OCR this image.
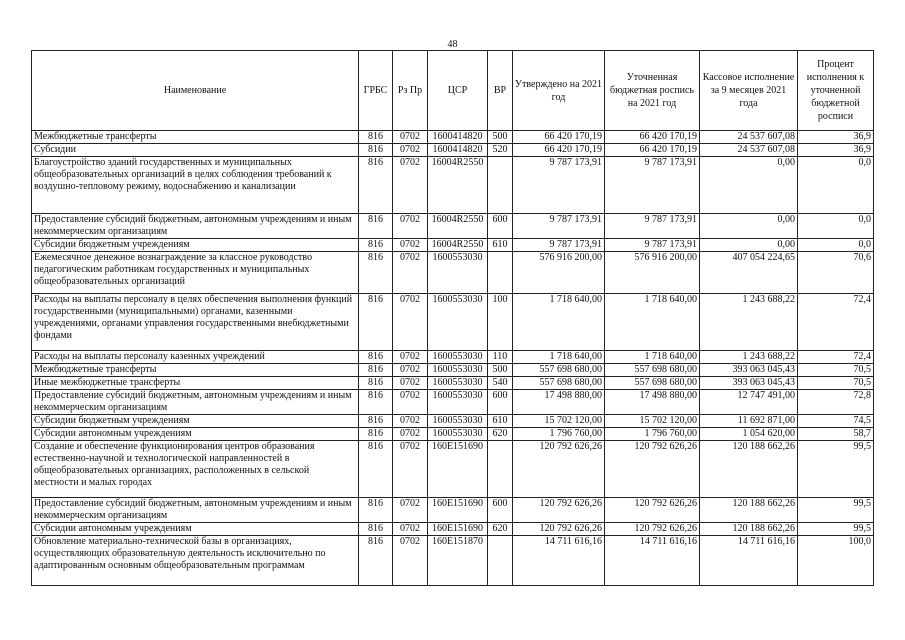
48
Наименование	ГРБС	Рз Пр	ЦСР	ВР	Утверждено на 2021 год	Уточненная бюджетная роспись на 2021 год	Кассовое исполнение за 9 месяцев 2021 года	Процент исполнения к уточненной бюджетной росписи
Межбюджетные трансферты	816	0702	1600414820	500	66 420 170,19	66 420 170,19	24 537 607,08	36,9
Субсидии	816	0702	1600414820	520	66 420 170,19	66 420 170,19	24 537 607,08	36,9
Благоустройство зданий государственных и муниципальных общеобразовательных организаций в целях соблюдения требований к воздушно-тепловому режиму, водоснабжению и канализации	816	0702	16004R2550		9 787 173,91	9 787 173,91	0,00	0,0
Предоставление субсидий бюджетным, автономным учреждениям и иным некоммерческим организациям	816	0702	16004R2550	600	9 787 173,91	9 787 173,91	0,00	0,0
Субсидии бюджетным учреждениям	816	0702	16004R2550	610	9 787 173,91	9 787 173,91	0,00	0,0
Ежемесячное денежное вознаграждение за классное руководство педагогическим работникам государственных и муниципальных общеобразовательных организаций	816	0702	1600553030		576 916 200,00	576 916 200,00	407 054 224,65	70,6
Расходы на выплаты персоналу в целях обеспечения выполнения функций государственными (муниципальными) органами, казенными учреждениями, органами управления государственными внебюджетными фондами	816	0702	1600553030	100	1 718 640,00	1 718 640,00	1 243 688,22	72,4
Расходы на выплаты персоналу казенных учреждений	816	0702	1600553030	110	1 718 640,00	1 718 640,00	1 243 688,22	72,4
Межбюджетные трансферты	816	0702	1600553030	500	557 698 680,00	557 698 680,00	393 063 045,43	70,5
Иные межбюджетные трансферты	816	0702	1600553030	540	557 698 680,00	557 698 680,00	393 063 045,43	70,5
Предоставление субсидий бюджетным, автономным учреждениям и иным некоммерческим организациям	816	0702	1600553030	600	17 498 880,00	17 498 880,00	12 747 491,00	72,8
Субсидии бюджетным учреждениям	816	0702	1600553030	610	15 702 120,00	15 702 120,00	11 692 871,00	74,5
Субсидии автономным учреждениям	816	0702	1600553030	620	1 796 760,00	1 796 760,00	1 054 620,00	58,7
Создание и обеспечение функционирования центров образования естественно-научной и технологической направленностей в общеобразовательных организациях, расположенных в сельской местности и малых городах	816	0702	160E151690		120 792 626,26	120 792 626,26	120 188 662,26	99,5
Предоставление субсидий бюджетным, автономным учреждениям и иным некоммерческим организациям	816	0702	160E151690	600	120 792 626,26	120 792 626,26	120 188 662,26	99,5
Субсидии автономным учреждениям	816	0702	160E151690	620	120 792 626,26	120 792 626,26	120 188 662,26	99,5
Обновление материально-технической базы в организациях, осуществляющих образовательную деятельность исключительно по адаптированным основным общеобразовательным программам	816	0702	160E151870		14 711 616,16	14 711 616,16	14 711 616,16	100,0
